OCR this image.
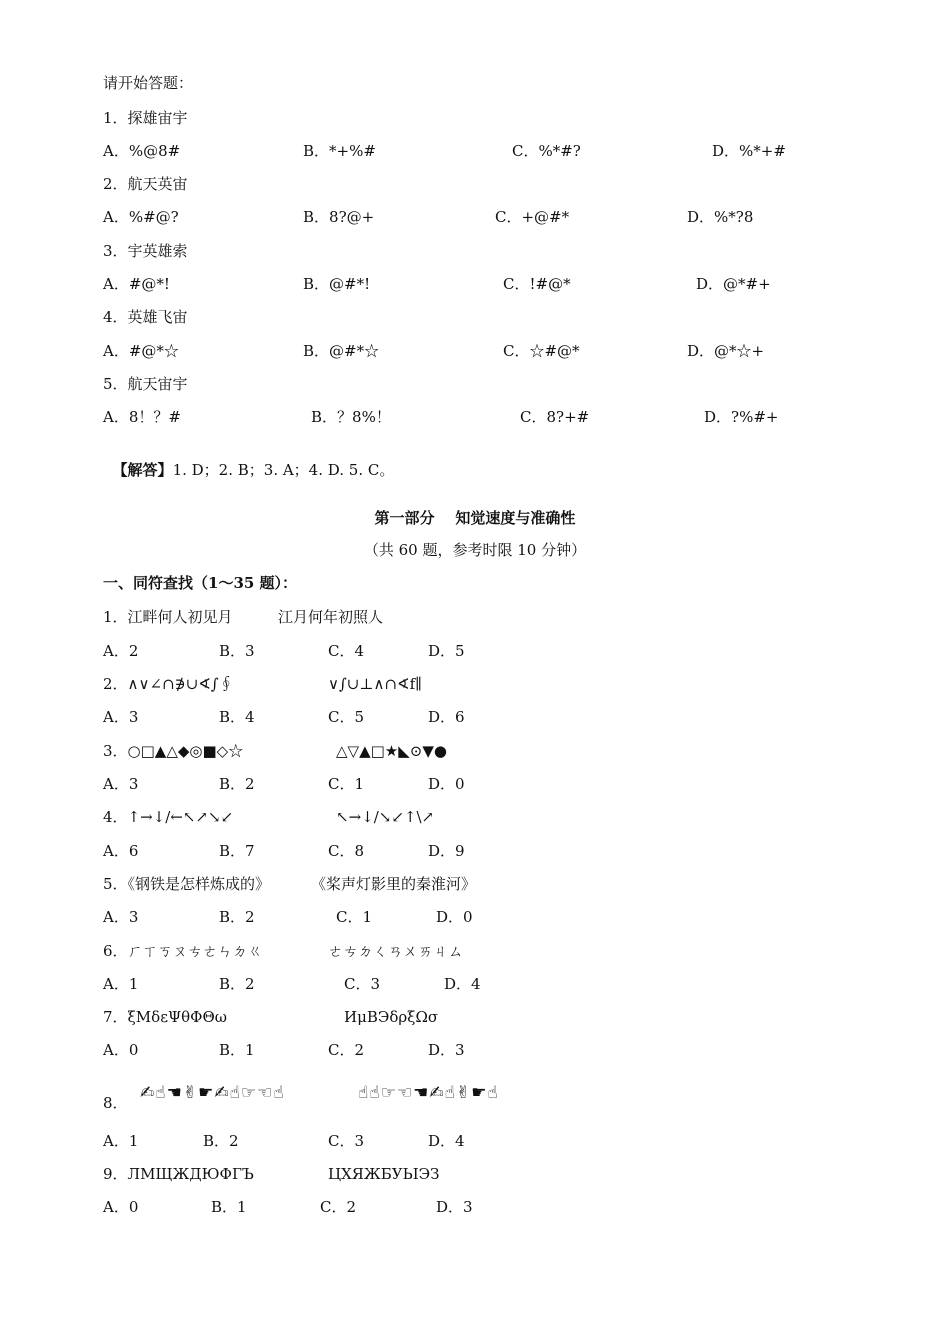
请开始答题：
1．探雄宙宇
A．%@8#	B．*+%#	C．%*#?	D．%*+#
2．航天英宙
A．%#@?	B．8?@+	C．+@#*	D．%*?8
3．宇英雄索
A．#@*!	B．@#*!	C．!#@*	D．@*#+
4．英雄飞宙
A．#@*☆	B．@#*☆	C．☆#@*	D．@*☆+
5．航天宙宇
A．8！？#	B．？8%！	C．8?+#	D．?%#+

【解答】1. D；2. B；3. A；4. D. 5. C。

第一部分    知觉速度与准确性
（共 60 题，参考时限 10 分钟）
一、同符查找（1～35 题）：
1．江畔何人初见月	江月何年初照人
A．2	B．3	C．4	D．5
2．∧∨∠∩∌∪∢∫∮	∨∫∪⊥∧∩∢f∥
A．3	B．4	C．5	D．6
3．○□▲△◆◎■◇☆	△▽▲□★◣⊙▼●
A．3	B．2	C．1	D．0
4．↑→↓/←↖↗↘↙	↖→↓/↘↙↑\↗
A．6	B．7	C．8	D．9
5．《钢铁是怎样炼成的》	《桨声灯影里的秦淮河》
A．3	B．2	C．1	D．0
6．ㄏㄒㄎㄡㄘㄜㄣㄉㄍ	ㄜㄘㄉㄑㄢㄨㄞㄐㄙ
A．1	B．2	C．3	D．4
7．ξΜδεΨθΦΘω	ИμВЭδρξΩσ
A．0	B．1	C．2	D．3
8． ✍☝☚✌☛✍☝☞☜☝	☝☝☞☜☚✍☝✌☛☝
A．1	B．2	C．3	D．4
9．ЛМЩЖДЮФГЪ	ЦХЯЖБУЬIЭЗ
A．0	B．1	C．2	D．3
